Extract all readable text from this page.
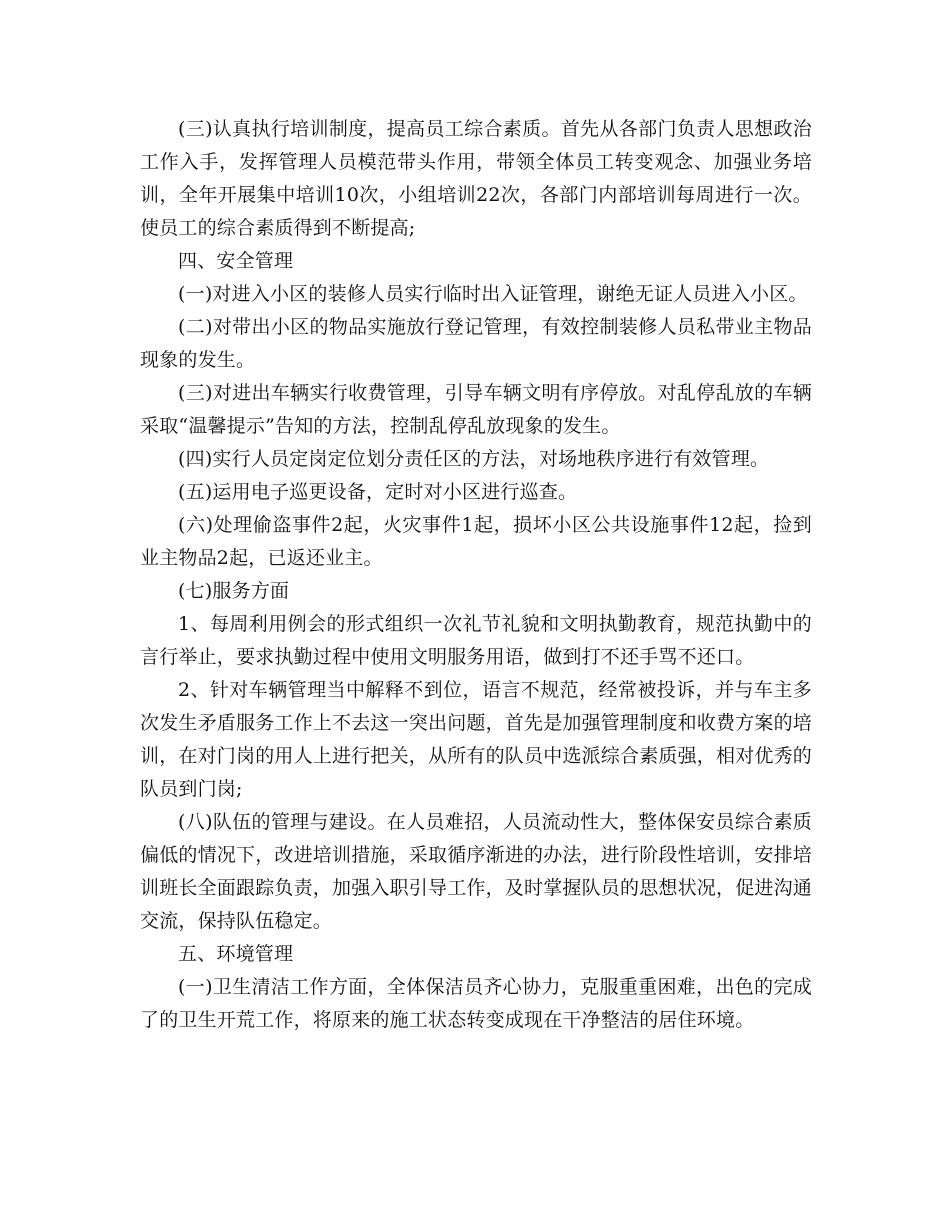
(三)认真执行培训制度，提高员工综合素质。首先从各部门负责人思想政治工作入手，发挥管理人员模范带头作用，带领全体员工转变观念、加强业务培训，全年开展集中培训10次，小组培训22次，各部门内部培训每周进行一次。使员工的综合素质得到不断提高;

四、安全管理

(一)对进入小区的装修人员实行临时出入证管理，谢绝无证人员进入小区。

(二)对带出小区的物品实施放行登记管理，有效控制装修人员私带业主物品现象的发生。

(三)对进出车辆实行收费管理，引导车辆文明有序停放。对乱停乱放的车辆采取“温馨提示”告知的方法，控制乱停乱放现象的发生。

(四)实行人员定岗定位划分责任区的方法，对场地秩序进行有效管理。

(五)运用电子巡更设备，定时对小区进行巡查。

(六)处理偷盗事件2起，火灾事件1起，损坏小区公共设施事件12起，捡到业主物品2起，已返还业主。

(七)服务方面

1、每周利用例会的形式组织一次礼节礼貌和文明执勤教育，规范执勤中的言行举止，要求执勤过程中使用文明服务用语，做到打不还手骂不还口。

2、针对车辆管理当中解释不到位，语言不规范，经常被投诉，并与车主多次发生矛盾服务工作上不去这一突出问题，首先是加强管理制度和收费方案的培训，在对门岗的用人上进行把关，从所有的队员中选派综合素质强，相对优秀的队员到门岗;

(八)队伍的管理与建设。在人员难招，人员流动性大，整体保安员综合素质偏低的情况下，改进培训措施，采取循序渐进的办法，进行阶段性培训，安排培训班长全面跟踪负责，加强入职引导工作，及时掌握队员的思想状况，促进沟通交流，保持队伍稳定。

五、环境管理

(一)卫生清洁工作方面，全体保洁员齐心协力，克服重重困难，出色的完成了的卫生开荒工作，将原来的施工状态转变成现在干净整洁的居住环境。
